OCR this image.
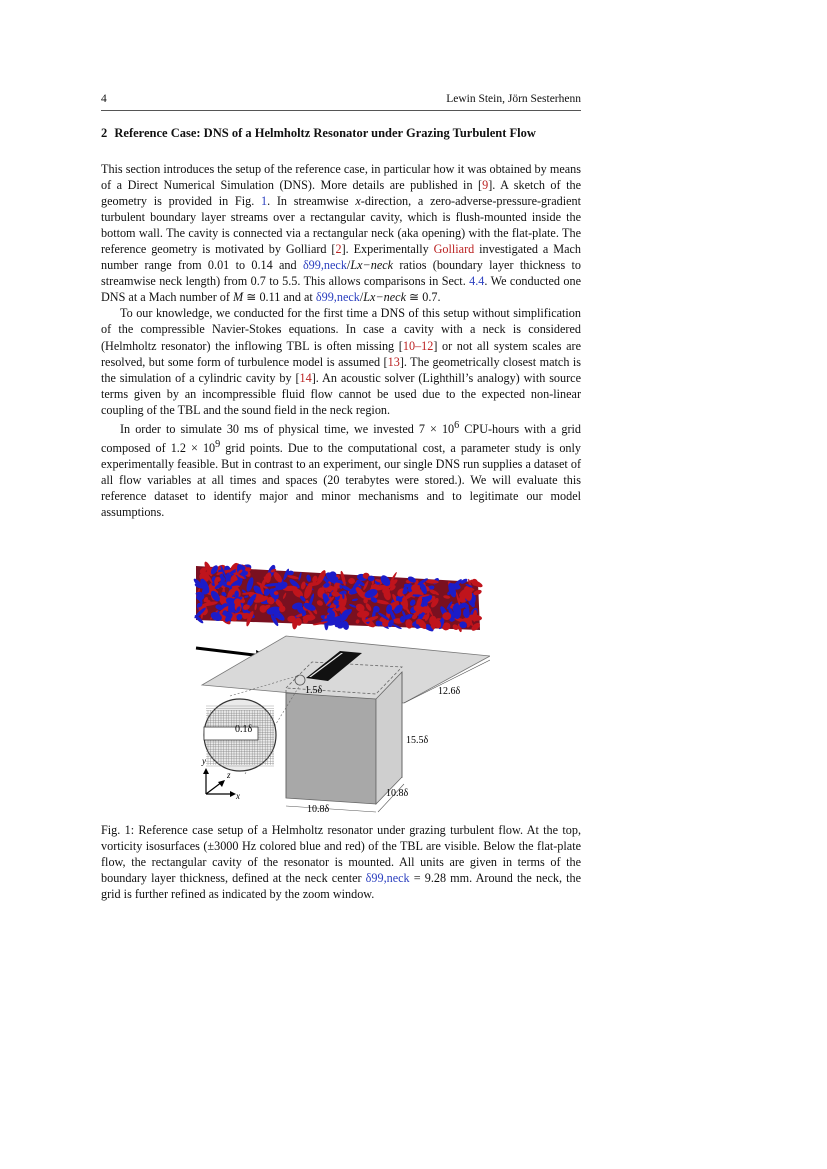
4	Lewin Stein, Jörn Sesterhenn
2 Reference Case: DNS of a Helmholtz Resonator under Grazing Turbulent Flow

This section introduces the setup of the reference case, in particular how it was obtained by means of a Direct Numerical Simulation (DNS). More details are published in [9]. A sketch of the geometry is provided in Fig. 1. In streamwise x-direction, a zero-adverse-pressure-gradient turbulent boundary layer streams over a rectangular cavity, which is flush-mounted inside the bottom wall. The cavity is connected via a rectangular neck (aka opening) with the flat-plate. The reference geometry is motivated by Golliard [2]. Experimentally Golliard investigated a Mach number range from 0.01 to 0.14 and δ99,neck/Lx−neck ratios (boundary layer thickness to streamwise neck length) from 0.7 to 5.5. This allows comparisons in Sect. 4.4. We conducted one DNS at a Mach number of M ≅ 0.11 and at δ99,neck/Lx−neck ≅ 0.7.

To our knowledge, we conducted for the first time a DNS of this setup without simplification of the compressible Navier-Stokes equations. In case a cavity with a neck is considered (Helmholtz resonator) the inflowing TBL is often missing [10–12] or not all system scales are resolved, but some form of turbulence model is assumed [13]. The geometrically closest match is the simulation of a cylindric cavity by [14]. An acoustic solver (Lighthill’s analogy) with source terms given by an incompressible fluid flow cannot be used due to the expected non-linear coupling of the TBL and the sound field in the neck region.

In order to simulate 30 ms of physical time, we invested $7 \times 10^6$ CPU-hours with a grid composed of $1.2 \times 10^9$ grid points. Due to the computational cost, a parameter study is only experimentally feasible. But in contrast to an experiment, our single DNS run supplies a dataset of all flow variables at all times and spaces (20 terabytes were stored.). We will evaluate this reference dataset to identify major and minor mechanisms and to legitimate our model assumptions.

1.5δ	12.6δ
15.5δ
10.8δ
10.8δ
0.1δ
x
y
z

Fig. 1: Reference case setup of a Helmholtz resonator under grazing turbulent flow. At the top, vorticity isosurfaces (±3000 Hz colored blue and red) of the TBL are visible. Below the flat-plate flow, the rectangular cavity of the resonator is mounted. All units are given in terms of the boundary layer thickness, defined at the neck center δ99,neck = 9.28 mm. Around the neck, the grid is further refined as indicated by the zoom window.
